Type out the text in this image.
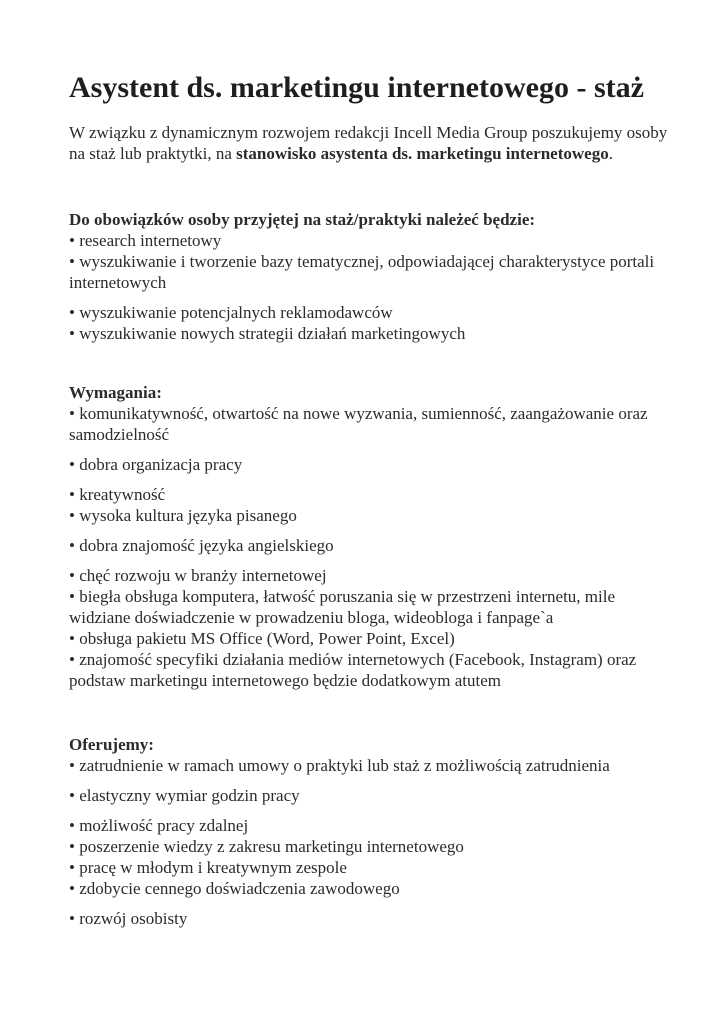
Asystent ds. marketingu internetowego - staż

W związku z dynamicznym rozwojem redakcji Incell Media Group poszukujemy osoby na staż lub praktytki, na stanowisko asystenta ds. marketingu internetowego.

Do obowiązków osoby przyjętej na staż/praktyki należeć będzie:

• research internetowy

• wyszukiwanie i tworzenie bazy tematycznej, odpowiadającej charakterystyce portali internetowych

• wyszukiwanie potencjalnych reklamodawców

• wyszukiwanie nowych strategii działań marketingowych

Wymagania:

• komunikatywność, otwartość na nowe wyzwania, sumienność, zaangażowanie oraz samodzielność

• dobra organizacja pracy

• kreatywność

• wysoka kultura języka pisanego

• dobra znajomość języka angielskiego

• chęć rozwoju w branży internetowej

• biegła obsługa komputera, łatwość poruszania się w przestrzeni internetu, mile widziane doświadczenie w prowadzeniu bloga, wideobloga i fanpage`a

• obsługa pakietu MS Office (Word, Power Point, Excel)

• znajomość specyfiki działania mediów internetowych (Facebook, Instagram) oraz podstaw marketingu internetowego będzie dodatkowym atutem

Oferujemy:

• zatrudnienie w ramach umowy o praktyki lub staż z możliwością zatrudnienia

• elastyczny wymiar godzin pracy

• możliwość pracy zdalnej

• poszerzenie wiedzy z zakresu marketingu internetowego

• pracę w młodym i kreatywnym zespole

• zdobycie cennego doświadczenia zawodowego

• rozwój osobisty
